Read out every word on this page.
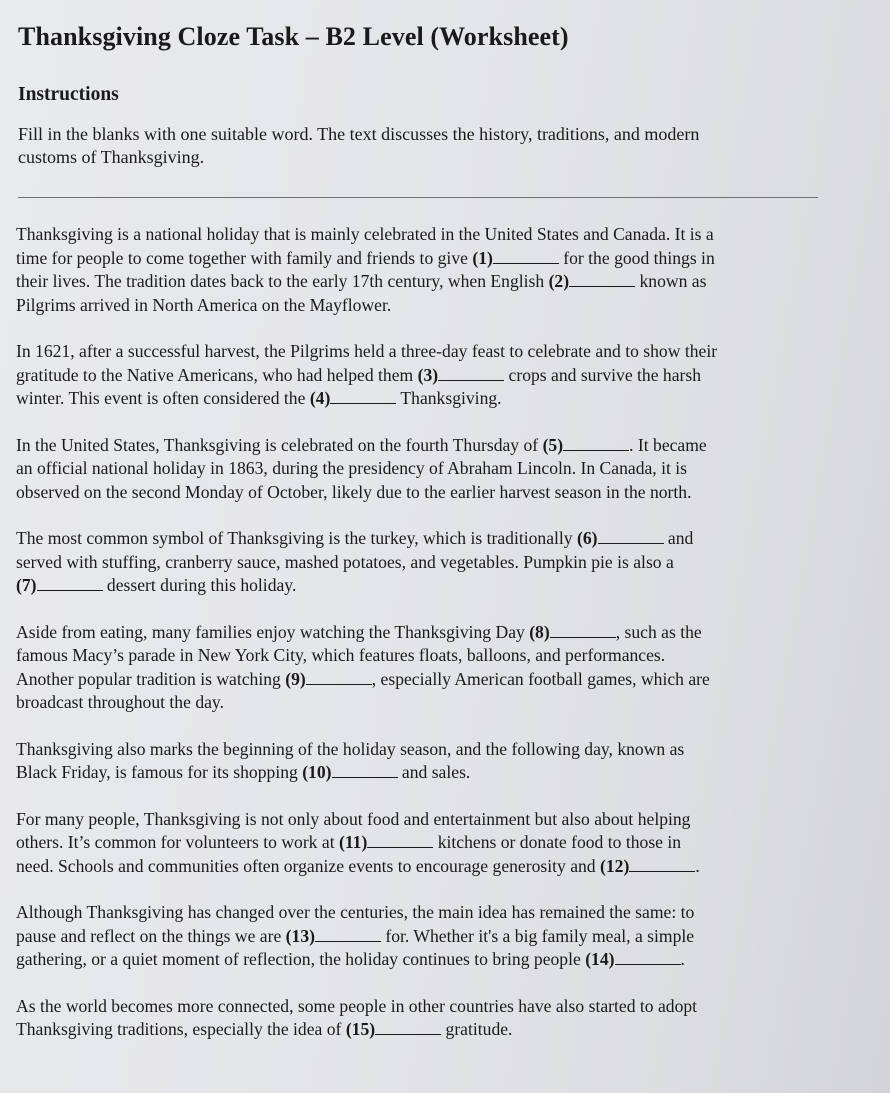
Thanksgiving Cloze Task – B2 Level (Worksheet)
Instructions
Fill in the blanks with one suitable word. The text discusses the history, traditions, and modern
customs of Thanksgiving.
Thanksgiving is a national holiday that is mainly celebrated in the United States and Canada. It is a
time for people to come together with family and friends to give (1)	for the good things in
their lives. The tradition dates back to the early 17th century, when English (2)	known as
Pilgrims arrived in North America on the Mayflower.
In 1621, after a successful harvest, the Pilgrims held a three-day feast to celebrate and to show their
gratitude to the Native Americans, who had helped them (3)	crops and survive the harsh
winter. This event is often considered the (4)	Thanksgiving.
In the United States, Thanksgiving is celebrated on the fourth Thursday of (5)	. It became
an official national holiday in 1863, during the presidency of Abraham Lincoln. In Canada, it is
observed on the second Monday of October, likely due to the earlier harvest season in the north.
The most common symbol of Thanksgiving is the turkey, which is traditionally (6)	and
served with stuffing, cranberry sauce, mashed potatoes, and vegetables. Pumpkin pie is also a
(7)	dessert during this holiday.
Aside from eating, many families enjoy watching the Thanksgiving Day (8)	, such as the
famous Macy’s parade in New York City, which features floats, balloons, and performances.
Another popular tradition is watching (9)	, especially American football games, which are
broadcast throughout the day.
Thanksgiving also marks the beginning of the holiday season, and the following day, known as
Black Friday, is famous for its shopping (10)	and sales.
For many people, Thanksgiving is not only about food and entertainment but also about helping
others. It’s common for volunteers to work at (11)	kitchens or donate food to those in
need. Schools and communities often organize events to encourage generosity and (12)	.
Although Thanksgiving has changed over the centuries, the main idea has remained the same: to
pause and reflect on the things we are (13)	for. Whether it's a big family meal, a simple
gathering, or a quiet moment of reflection, the holiday continues to bring people (14)	.
As the world becomes more connected, some people in other countries have also started to adopt
Thanksgiving traditions, especially the idea of (15)	gratitude.
